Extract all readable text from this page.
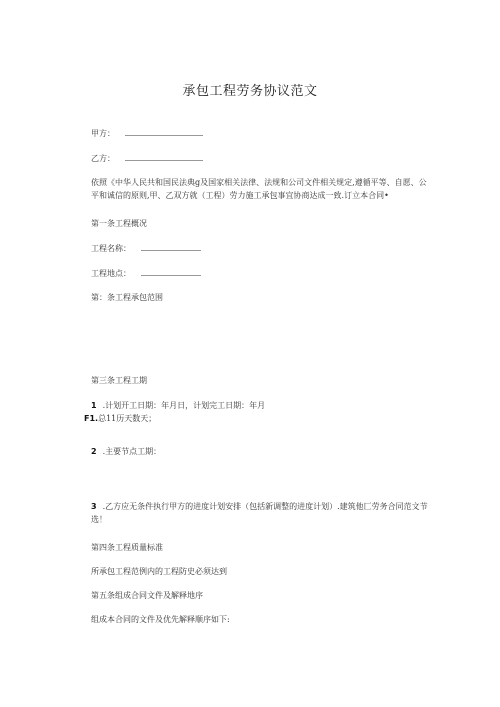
承包工程劳务协议范文
甲方：
乙方：
依照《中华人民共和国民法典g及国家相关法律、法规和公司文件相关规定,遵循平等、自愿、公平和诚信的原则,甲、乙双方就（工程）劳力施工承包事宜协商达成一致.订立本合同•
第一条工程概况
工程名称：
工程地点：
第：条工程承包范围
第三条工程工期
1 .计划开工日期：年月日，计划完工日期：年月
F1.总11历天数天；
2 .主要节点工期：
3 .乙方应无条件执行甲方的进度计划安排（包括新调整的进度计划）.建筑他匚劳务合同范文节选！
第四条工程质量标准
所承包工程范例内的工程防史必须达到
第五条组成合同文件及解释地序
组成本合同的文件及优先解释顺序如下:
